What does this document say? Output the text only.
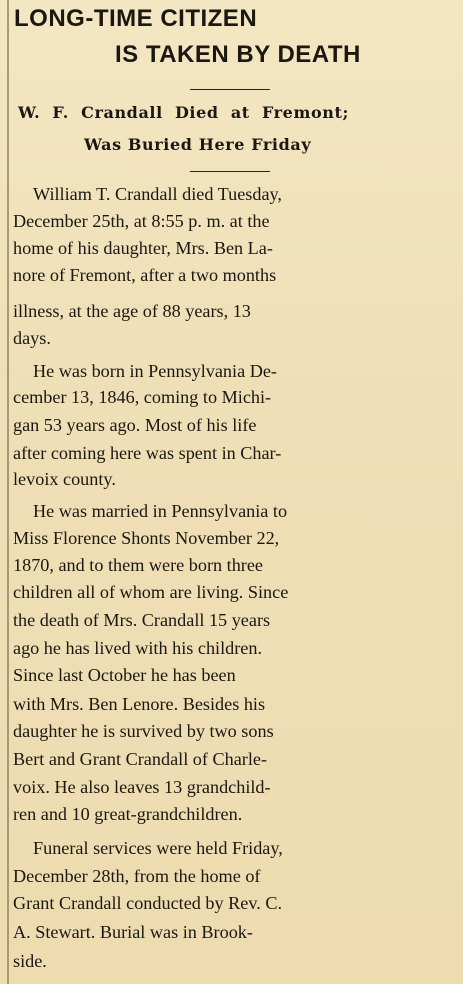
LONG-TIME CITIZEN
IS TAKEN BY DEATH
W. F. Crandall Died at Fremont;
Was Buried Here Friday
William T. Crandall died Tuesday,
December 25th, at 8:55 p. m. at the
home of his daughter, Mrs. Ben La-
nore of Fremont, after a two months
illness, at the age of 88 years, 13
days.
He was born in Pennsylvania De-
cember 13, 1846, coming to Michi-
gan 53 years ago. Most of his life
after coming here was spent in Char-
levoix county.
He was married in Pennsylvania to
Miss Florence Shonts November 22,
1870, and to them were born three
children all of whom are living. Since
the death of Mrs. Crandall 15 years
ago he has lived with his children.
Since last October he has been
with Mrs. Ben Lenore. Besides his
daughter he is survived by two sons
Bert and Grant Crandall of Charle-
voix. He also leaves 13 grandchild-
ren and 10 great-grandchildren.
Funeral services were held Friday,
December 28th, from the home of
Grant Crandall conducted by Rev. C.
A. Stewart. Burial was in Brook-
side.
